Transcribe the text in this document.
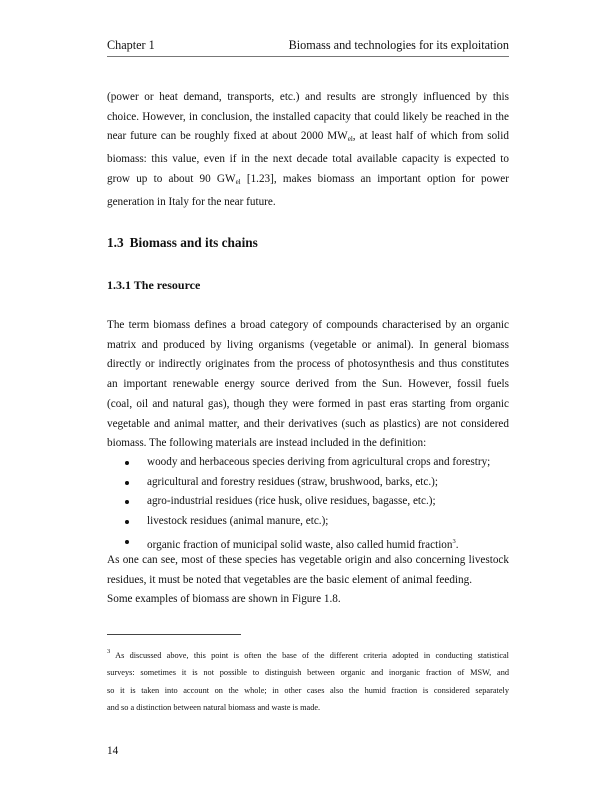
Chapter 1	Biomass and technologies for its exploitation

(power or heat demand, transports, etc.) and results are strongly influenced by this
choice. However, in conclusion, the installed capacity that could likely be reached in the
near future can be roughly fixed at about 2000 $MW_{el}$, at least half of which from solid
biomass: this value, even if in the next decade total available capacity is expected to
grow up to about 90 $GW_{el}$ [1.23], makes biomass an important option for power
generation in Italy for the near future.

1.3 Biomass and its chains
1.3.1 The resource

The term biomass defines a broad category of compounds characterised by an organic
matrix and produced by living organisms (vegetable or animal). In general biomass
directly or indirectly originates from the process of photosynthesis and thus constitutes
an important renewable energy source derived from the Sun. However, fossil fuels
(coal, oil and natural gas), though they were formed in past eras starting from organic
vegetable and animal matter, and their derivatives (such as plastics) are not considered
biomass. The following materials are instead included in the definition:

woody and herbaceous species deriving from agricultural crops and forestry;
agricultural and forestry residues (straw, brushwood, barks, etc.);
agro-industrial residues (rice husk, olive residues, bagasse, etc.);
livestock residues (animal manure, etc.);
organic fraction of municipal solid waste, also called humid fraction$^3$.

As one can see, most of these species has vegetable origin and also concerning livestock
residues, it must be noted that vegetables are the basic element of animal feeding.
Some examples of biomass are shown in Figure 1.8.

$^3$ As discussed above, this point is often the base of the different criteria adopted in conducting statistical
surveys: sometimes it is not possible to distinguish between organic and inorganic fraction of MSW, and
so it is taken into account on the whole; in other cases also the humid fraction is considered separately
and so a distinction between natural biomass and waste is made.

14
